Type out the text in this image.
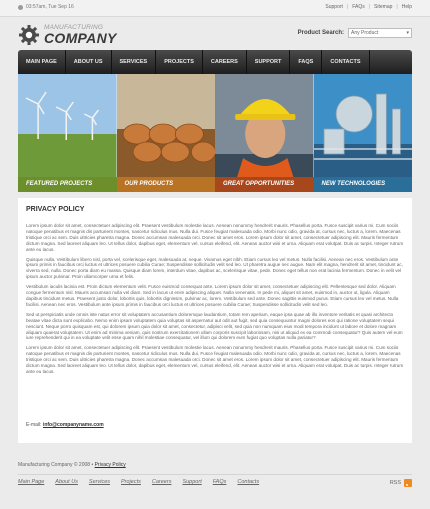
03:57am, Tue Sep 16	Support | FAQs | Sitemap | Help
MANUFACTURING
COMPANY	Product Search: Any Product	▾
MAIN PAGE	ABOUT US	SERVICES	PROJECTS	CAREERS	SUPPORT	FAQS	CONTACTS
FEATURED PROJECTS	OUR PRODUCTS	GREAT OPPORTUNITIES	NEW TECHNOLOGIES
PRIVACY POLICY

Lorem ipsum dolor sit amet, consectetuer adipiscing elit. Praesent vestibulum molestie lacus. Aenean nonummy hendrerit mauris. Phasellus porta. Fusce suscipit varius mi. Cum sociis natoque penatibus et magnis dis parturient montes, nascetur ridiculus mus. Nulla dui. Fusce feugiat malesuada odio. Morbi nunc odio, gravida at, cursus nec, luctus a, lorem. Maecenas tristique orci ac sem. Duis ultricies pharetra magna. Donec accumsan malesuada orci. Donec sit amet eros. Lorem ipsum dolor sit amet, consectetuer adipiscing elit. Mauris fermentum dictum magna. Sed laoreet aliquam leo. Ut tellus dolor, dapibus eget, elementum vel, cursus eleifend, elit. Aenean auctor wisi et urna. Aliquam erat volutpat. Duis ac turpis. Integer rutrum ante eu lacus.

Quisque nulla. Vestibulum libero nisl, porta vel, scelerisque eget, malesuada at, neque. Vivamus eget nibh. Etiam cursus leo vel metus. Nulla facilisi. Aenean nec eros. Vestibulum ante ipsum primis in faucibus orci luctus et ultrices posuere cubilia Curae; Suspendisse sollicitudin velit sed leo. Ut pharetra augue nec augue. Nam elit magna, hendrerit sit amet, tincidunt ac, viverra sed, nulla. Donec porta diam eu massa. Quisque diam lorem, interdum vitae, dapibus ac, scelerisque vitae, pede. Donec eget tellus non erat lacinia fermentum. Donec in velit vel ipsum auctor pulvinar. Proin ullamcorper urna et felis.

Vestibulum iaculis lacinia est. Proin dictum elementum velit. Fusce euismod consequat ante. Lorem ipsum dolor sit amet, consectetuer adipiscing elit. Pellentesque sed dolor. Aliquam congue fermentum nisl. Mauris accumsan nulla vel diam. Sed in lacus ut enim adipiscing aliquet. Nulla venenatis. In pede mi, aliquet sit amet, euismod in, auctor ut, ligula. Aliquam dapibus tincidunt metus. Praesent justo dolor, lobortis quis, lobortis dignissim, pulvinar ac, lorem. Vestibulum sed ante. Donec sagittis euismod purus. Etiam cursus leo vel metus. Nulla facilisi. Aenean nec eros. Vestibulum ante ipsum primis in faucibus orci luctus et ultrices posuere cubilia Curae; Suspendisse sollicitudin velit sed leo.

Sed ut perspiciatis unde omnis iste natus error sit voluptatem accusantium doloremque laudantium, totam rem aperiam, eaque ipsa quae ab illo inventore veritatis et quasi architecto beatae vitae dicta sunt explicabo. Nemo enim ipsam voluptatem quia voluptas sit aspernatur aut odit aut fugit, sed quia consequuntur magni dolores eos qui ratione voluptatem sequi nesciunt. Neque porro quisquam est, qui dolorem ipsum quia dolor sit amet, consectetur, adipisci velit, sed quia non numquam eius modi tempora incidunt ut labore et dolore magnam aliquam quaerat voluptatem. Ut enim ad minima veniam, quis nostrum exercitationem ullam corporis suscipit laboriosam, nisi ut aliquid ex ea commodi consequatur? Quis autem vel eum iure reprehenderit qui in ea voluptate velit esse quam nihil molestiae consequatur, vel illum qui dolorem eum fugiat quo voluptas nulla pariatur?

Lorem ipsum dolor sit amet, consectetuer adipiscing elit. Praesent vestibulum molestie lacus. Aenean nonummy hendrerit mauris. Phasellus porta. Fusce suscipit varius mi. Cum sociis natoque penatibus et magnis dis parturient montes, nascetur ridiculus mus. Nulla dui. Fusce feugiat malesuada odio. Morbi nunc odio, gravida at, cursus nec, luctus a, lorem. Maecenas tristique orci ac sem. Duis ultricies pharetra magna. Donec accumsan malesuada orci. Donec sit amet eros. Lorem ipsum dolor sit amet, consectetuer adipiscing elit. Mauris fermentum dictum magna. Sed laoreet aliquam leo. Ut tellus dolor, dapibus eget, elementum vel, cursus eleifend, elit. Aenean auctor wisi et urna. Aliquam erat volutpat. Duis ac turpis. Integer rutrum ante eu lacus.

E-mail: info@companyname.com
Manufacturing Company © 2008 • Privacy Policy
Main Page About Us Services Projects Careers Support FAQs Contacts	RSS
